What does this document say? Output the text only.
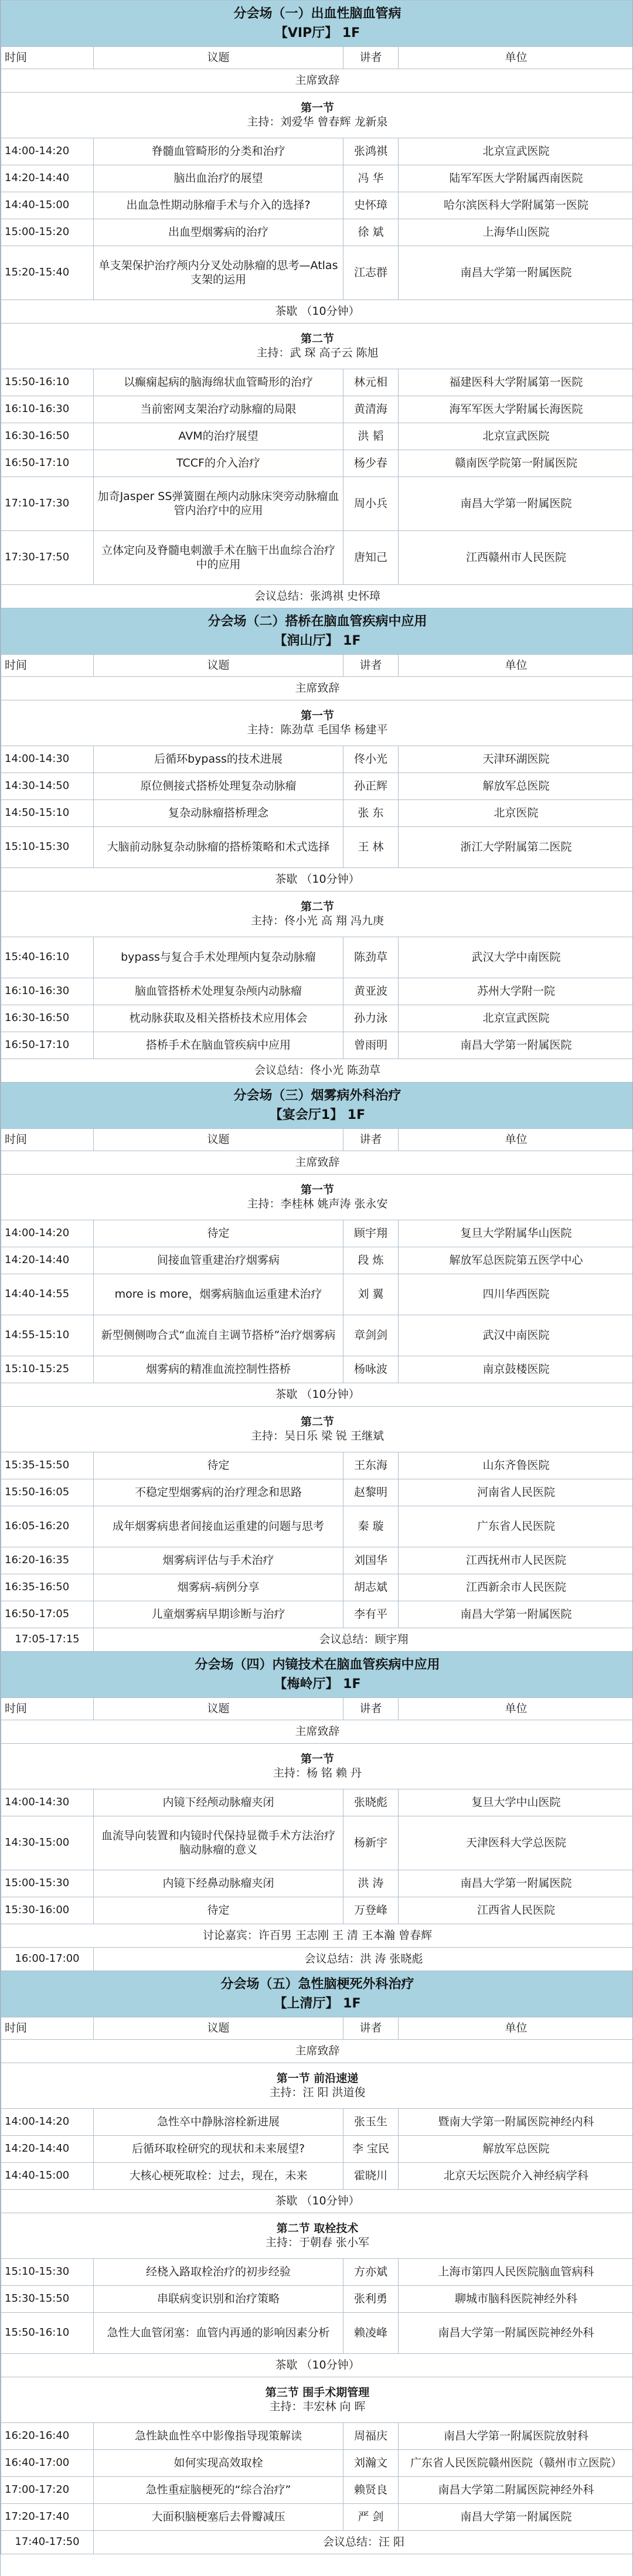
分会场（一）出血性脑血管病
【VIP厅】 1F			

时间	议题	讲者	单位
主席致辞			

第一节
主持：刘爱华 曾春辉 龙新泉			
14:00-14:20	脊髓血管畸形的分类和治疗	张鸿祺	北京宣武医院
14:20-14:40	脑出血治疗的展望	冯 华	陆军军医大学附属西南医院
14:40-15:00	出血急性期动脉瘤手术与介入的选择?	史怀璋	哈尔滨医科大学附属第一医院
15:00-15:20	出血型烟雾病的治疗	徐 斌	上海华山医院
15:20-15:40	单支架保护治疗颅内分叉处动脉瘤的思考—Atlas支架的运用	江志群	南昌大学第一附属医院
茶歇 （10分钟）			

第二节
主持：武 琛 高子云 陈旭			
15:50-16:10	以癫痫起病的脑海绵状血管畸形的治疗	林元相	福建医科大学附属第一医院
16:10-16:30	当前密网支架治疗动脉瘤的局限	黄清海	海军军医大学附属长海医院
16:30-16:50	AVM的治疗展望	洪 韬	北京宣武医院
16:50-17:10	TCCF的介入治疗	杨少春	赣南医学院第一附属医院
17:10-17:30	加奇Jasper SS弹簧圈在颅内动脉床突旁动脉瘤血管内治疗中的应用	周小兵	南昌大学第一附属医院
17:30-17:50	立体定向及脊髓电刺激手术在脑干出血综合治疗中的应用	唐知己	江西赣州市人民医院
会议总结：张鸿祺 史怀璋			

分会场（二）搭桥在脑血管疾病中应用
【润山厅】 1F			

时间	议题	讲者	单位
主席致辞			

第一节
主持：陈劲草 毛国华 杨建平			
14:00-14:30	后循环bypass的技术进展	佟小光	天津环湖医院
14:30-14:50	原位侧接式搭桥处理复杂动脉瘤	孙正辉	解放军总医院
14:50-15:10	复杂动脉瘤搭桥理念	张 东	北京医院
15:10-15:30	大脑前动脉复杂动脉瘤的搭桥策略和术式选择	王 林	浙江大学附属第二医院
茶歇 （10分钟）			

第二节
主持：佟小光 高 翔 冯九庚			
15:40-16:10	bypass与复合手术处理颅内复杂动脉瘤	陈劲草	武汉大学中南医院
16:10-16:30	脑血管搭桥术处理复杂颅内动脉瘤	黄亚波	苏州大学附一院
16:30-16:50	枕动脉获取及相关搭桥技术应用体会	孙力泳	北京宣武医院
16:50-17:10	搭桥手术在脑血管疾病中应用	曾雨明	南昌大学第一附属医院
会议总结：佟小光 陈劲草			

分会场（三）烟雾病外科治疗
【宴会厅1】 1F			

时间	议题	讲者	单位
主席致辞			

第一节
主持：李桂林 姚声涛 张永安			
14:00-14:20	待定	顾宇翔	复旦大学附属华山医院
14:20-14:40	间接血管重建治疗烟雾病	段 炼	解放军总医院第五医学中心
14:40-14:55	more is more，烟雾病脑血运重建术治疗	刘 翼	四川华西医院
14:55-15:10	新型侧侧吻合式“血流自主调节搭桥”治疗烟雾病	章剑剑	武汉中南医院
15:10-15:25	烟雾病的精准血流控制性搭桥	杨咏波	南京鼓楼医院
茶歇 （10分钟）			

第二节
主持：吴日乐 梁 锐 王继斌			
15:35-15:50	待定	王东海	山东齐鲁医院
15:50-16:05	不稳定型烟雾病的治疗理念和思路	赵黎明	河南省人民医院
16:05-16:20	成年烟雾病患者间接血运重建的问题与思考	秦 璇	广东省人民医院
16:20-16:35	烟雾病评估与手术治疗	刘国华	江西抚州市人民医院
16:35-16:50	烟雾病-病例分享	胡志斌	江西新余市人民医院
16:50-17:05	儿童烟雾病早期诊断与治疗	李有平	南昌大学第一附属医院
17:05-17:15	会议总结：顾宇翔		

分会场（四）内镜技术在脑血管疾病中应用
【梅岭厅】 1F			

时间	议题	讲者	单位
主席致辞			

第一节
主持：杨 铭 赖 丹			
14:00-14:30	内镜下经颅动脉瘤夹闭	张晓彪	复旦大学中山医院
14:30-15:00	血流导向装置和内镜时代保持显微手术方法治疗脑动脉瘤的意义	杨新宇	天津医科大学总医院
15:00-15:30	内镜下经鼻动脉瘤夹闭	洪 涛	南昌大学第一附属医院
15:30-16:00	待定	万登峰	江西省人民医院
讨论嘉宾：许百男 王志刚 王 清 王本瀚 曾春辉			
16:00-17:00	会议总结：洪 涛 张晓彪		

分会场（五）急性脑梗死外科治疗
【上清厅】 1F			

时间	议题	讲者	单位
主席致辞			

第一节 前沿速递
主持：汪 阳 洪道俊			
14:00-14:20	急性卒中静脉溶栓新进展	张玉生	暨南大学第一附属医院神经内科
14:20-14:40	后循环取栓研究的现状和未来展望?	李 宝民	解放军总医院
14:40-15:00	大核心梗死取栓：过去，现在，未来	霍晓川	北京天坛医院介入神经病学科
茶歇 （10分钟）			

第二节 取栓技术
主持：于朝春 张小军			
15:10-15:30	经桡入路取栓治疗的初步经验	方亦斌	上海市第四人民医院脑血管病科
15:30-15:50	串联病变识别和治疗策略	张利勇	聊城市脑科医院神经外科
15:50-16:10	急性大血管闭塞：血管内再通的影响因素分析	赖凌峰	南昌大学第一附属医院神经外科
茶歇 （10分钟）			

第三节 围手术期管理
主持：丰宏林 向 晖			
16:20-16:40	急性缺血性卒中影像指导现策解读	周福庆	南昌大学第一附属医院放射科
16:40-17:00	如何实现高效取栓	刘瀚文	广东省人民医院赣州医院（赣州市立医院）
17:00-17:20	急性重症脑梗死的“综合治疗”	赖贤良	南昌大学第二附属医院神经外科
17:20-17:40	大面积脑梗塞后去骨瓣减压	严 剑	南昌大学第一附属医院
17:40-17:50	会议总结：汪 阳		
